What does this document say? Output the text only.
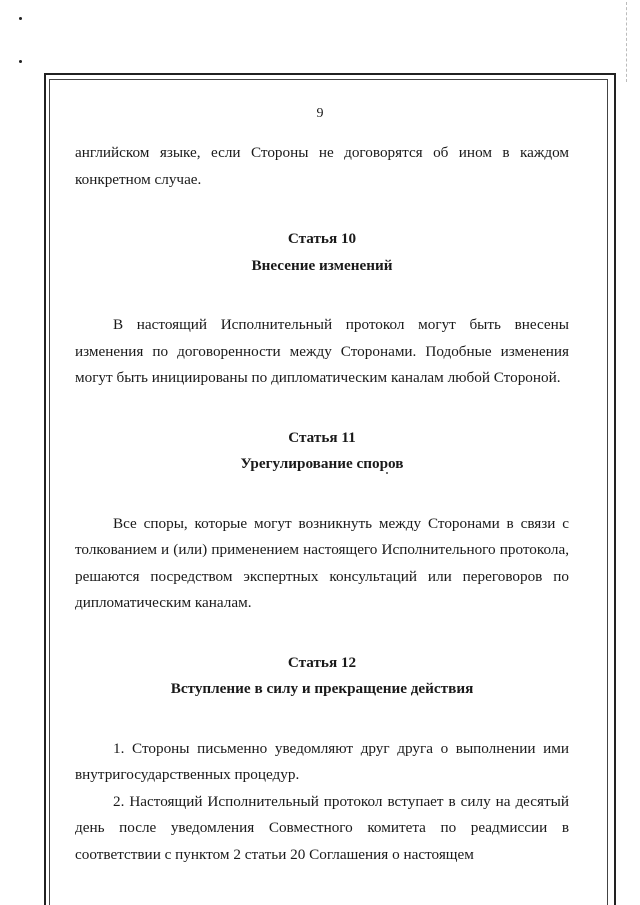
9

английском языке, если Стороны не договорятся об ином в каждом конкретном случае.

Статья 10

Внесение изменений

В настоящий Исполнительный протокол могут быть внесены изменения по договоренности между Сторонами. Подобные изменения могут быть инициированы по дипломатическим каналам любой Стороной.

Статья 11

Урегулирование споров

Все споры, которые могут возникнуть между Сторонами в связи с толкованием и (или) применением настоящего Исполнительного протокола, решаются посредством экспертных консультаций или переговоров по дипломатическим каналам.

Статья 12

Вступление в силу и прекращение действия

1. Стороны письменно уведомляют друг друга о выполнении ими внутригосударственных процедур.

2. Настоящий Исполнительный протокол вступает в силу на десятый день после уведомления Совместного комитета по реадмиссии в соответствии с пунктом 2 статьи 20 Соглашения о настоящем
